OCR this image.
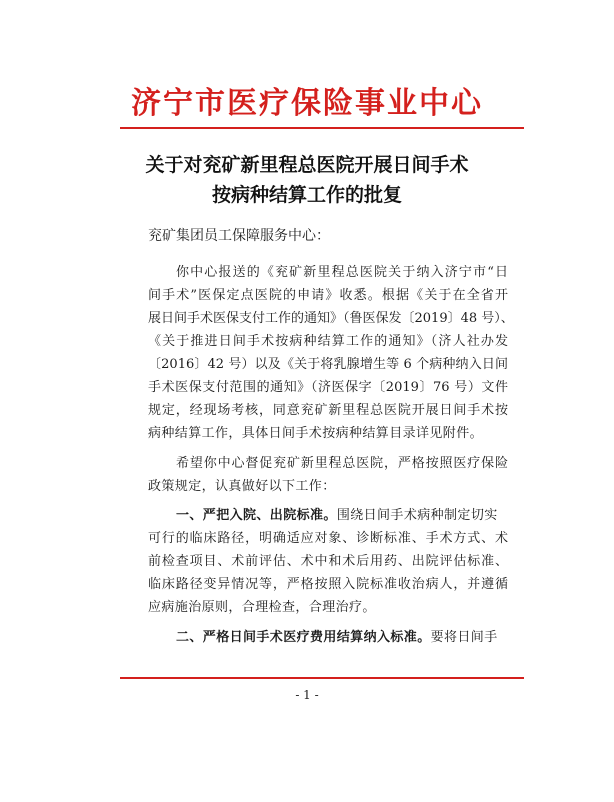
济宁市医疗保险事业中心
关于对兖矿新里程总医院开展日间手术
按病种结算工作的批复
兖矿集团员工保障服务中心：
你中心报送的《兖矿新里程总医院关于纳入济宁市“日
间手术”医保定点医院的申请》收悉。根据《关于在全省开
展日间手术医保支付工作的通知》（鲁医保发〔2019〕48 号）、
《关于推进日间手术按病种结算工作的通知》（济人社办发
〔2016〕42 号）以及《关于将乳腺增生等 6 个病种纳入日间
手术医保支付范围的通知》（济医保字〔2019〕76 号）文件
规定，经现场考核，同意兖矿新里程总医院开展日间手术按
病种结算工作，具体日间手术按病种结算目录详见附件。
希望你中心督促兖矿新里程总医院，严格按照医疗保险
政策规定，认真做好以下工作：
一、严把入院、出院标准。围绕日间手术病种制定切实
可行的临床路径，明确适应对象、诊断标准、手术方式、术
前检查项目、术前评估、术中和术后用药、出院评估标准、
临床路径变异情况等，严格按照入院标准收治病人，并遵循
应病施治原则，合理检查，合理治疗。
二、严格日间手术医疗费用结算纳入标准。要将日间手
- 1 -
